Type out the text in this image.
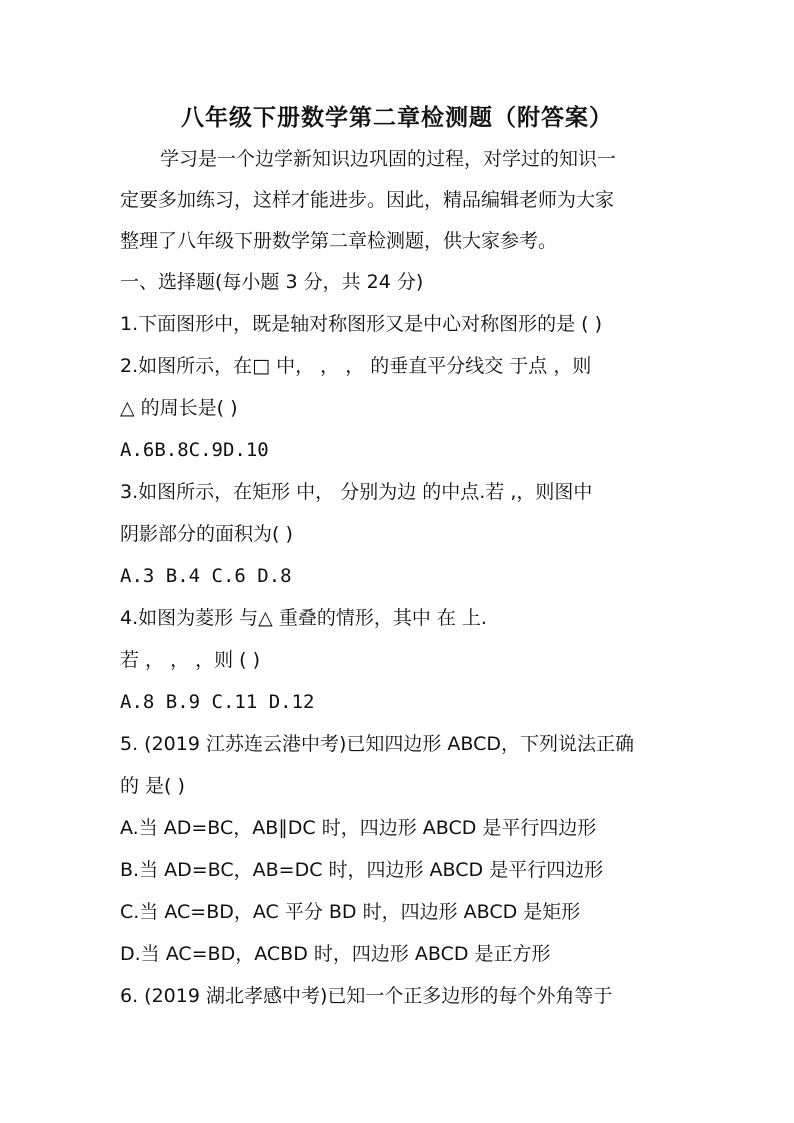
八年级下册数学第二章检测题（附答案）
学习是一个边学新知识边巩固的过程，对学过的知识一
定要多加练习，这样才能进步。因此，精品编辑老师为大家
整理了八年级下册数学第二章检测题，供大家参考。
一、选择题(每小题 3 分，共 24 分)
1.下面图形中，既是轴对称图形又是中心对称图形的是 ( )
2.如图所示，在□ 中， ， ， 的垂直平分线交 于点 ，则
△ 的周长是( )
A.6B.8C.9D.10
3.如图所示，在矩形 中， 分别为边 的中点.若 ,，则图中
阴影部分的面积为( )
A.3 B.4 C.6 D.8
4.如图为菱形 与△ 重叠的情形，其中 在 上.
若 ， ， ，则 ( )
A.8 B.9 C.11 D.12
5. (2019 江苏连云港中考)已知四边形 ABCD，下列说法正确
的 是( )
A.当 AD=BC，AB∥DC 时，四边形 ABCD 是平行四边形
B.当 AD=BC，AB=DC 时，四边形 ABCD 是平行四边形
C.当 AC=BD，AC 平分 BD 时，四边形 ABCD 是矩形
D.当 AC=BD，ACBD 时，四边形 ABCD 是正方形
6. (2019 湖北孝感中考)已知一个正多边形的每个外角等于
